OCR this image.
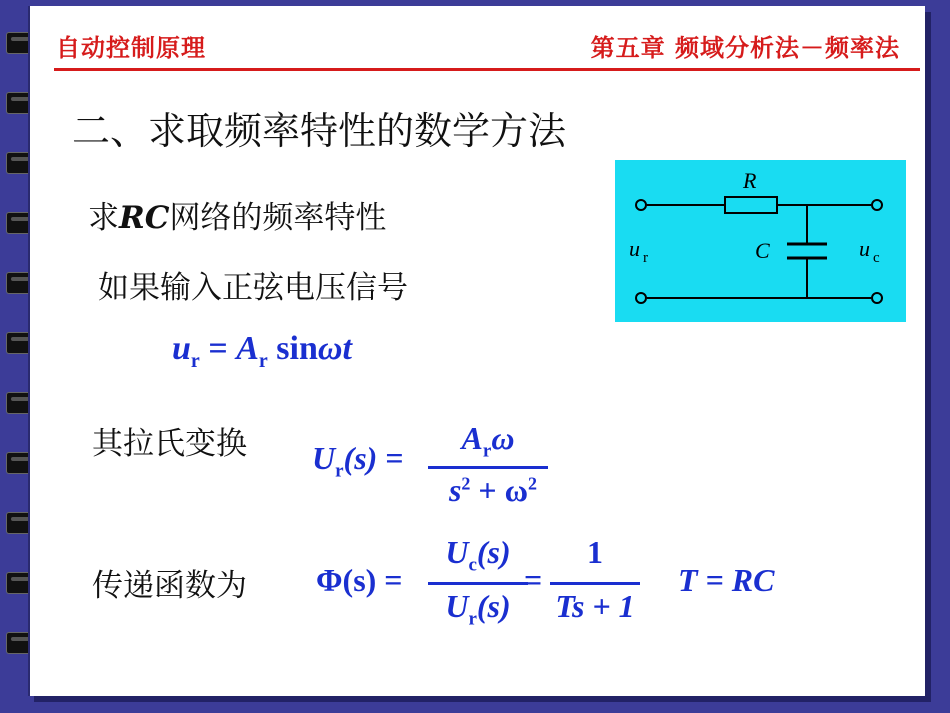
自动控制原理	第五章 频域分析法－频率法
二、求取频率特性的数学方法
求RC网络的频率特性
如果输入正弦电压信号
其拉氏变换
传递函数为
R
C
u r	u c
$u_r = A_r$ sinωt
$U_r(s)$ =
$A_r\omega$
$s^2 + \omega^2$
Φ(s) =
$U_c(s)$
$U_r(s)$
=
1
Ts + 1
T = RC
